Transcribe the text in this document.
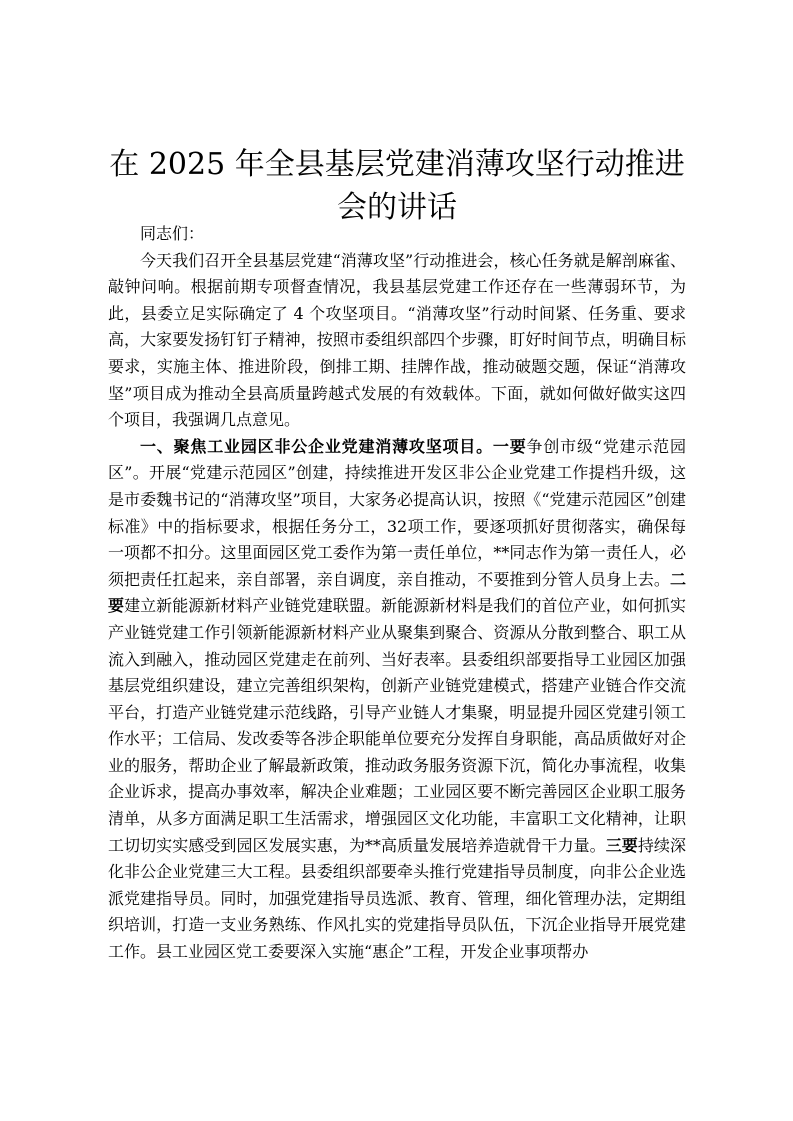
在 2025 年全县基层党建消薄攻坚行动推进会的讲话

同志们：

今天我们召开全县基层党建“消薄攻坚”行动推进会，核心任务就是解剖麻雀、敲钟问响。根据前期专项督查情况，我县基层党建工作还存在一些薄弱环节，为此，县委立足实际确定了 4 个攻坚项目。“消薄攻坚”行动时间紧、任务重、要求高，大家要发扬钉钉子精神，按照市委组织部四个步骤，盯好时间节点，明确目标要求，实施主体、推进阶段，倒排工期、挂牌作战，推动破题交题，保证“消薄攻坚”项目成为推动全县高质量跨越式发展的有效载体。下面，就如何做好做实这四个项目，我强调几点意见。

一、聚焦工业园区非公企业党建消薄攻坚项目。一要争创市级“党建示范园区”。开展“党建示范园区”创建，持续推进开发区非公企业党建工作提档升级，这是市委魏书记的“消薄攻坚”项目，大家务必提高认识，按照《“党建示范园区”创建标准》中的指标要求，根据任务分工，32项工作，要逐项抓好贯彻落实，确保每一项都不扣分。这里面园区党工委作为第一责任单位，**同志作为第一责任人，必须把责任扛起来，亲自部署，亲自调度，亲自推动，不要推到分管人员身上去。二要建立新能源新材料产业链党建联盟。新能源新材料是我们的首位产业，如何抓实产业链党建工作引领新能源新材料产业从聚集到聚合、资源从分散到整合、职工从流入到融入，推动园区党建走在前列、当好表率。县委组织部要指导工业园区加强基层党组织建设，建立完善组织架构，创新产业链党建模式，搭建产业链合作交流平台，打造产业链党建示范线路，引导产业链人才集聚，明显提升园区党建引领工作水平；工信局、发改委等各涉企职能单位要充分发挥自身职能，高品质做好对企业的服务，帮助企业了解最新政策，推动政务服务资源下沉，简化办事流程，收集企业诉求，提高办事效率，解决企业难题；工业园区要不断完善园区企业职工服务清单，从多方面满足职工生活需求，增强园区文化功能，丰富职工文化精神，让职工切切实实感受到园区发展实惠，为**高质量发展培养造就骨干力量。三要持续深化非公企业党建三大工程。县委组织部要牵头推行党建指导员制度，向非公企业选派党建指导员。同时，加强党建指导员选派、教育、管理，细化管理办法，定期组织培训，打造一支业务熟练、作风扎实的党建指导员队伍，下沉企业指导开展党建工作。县工业园区党工委要深入实施“惠企”工程，开发企业事项帮办
